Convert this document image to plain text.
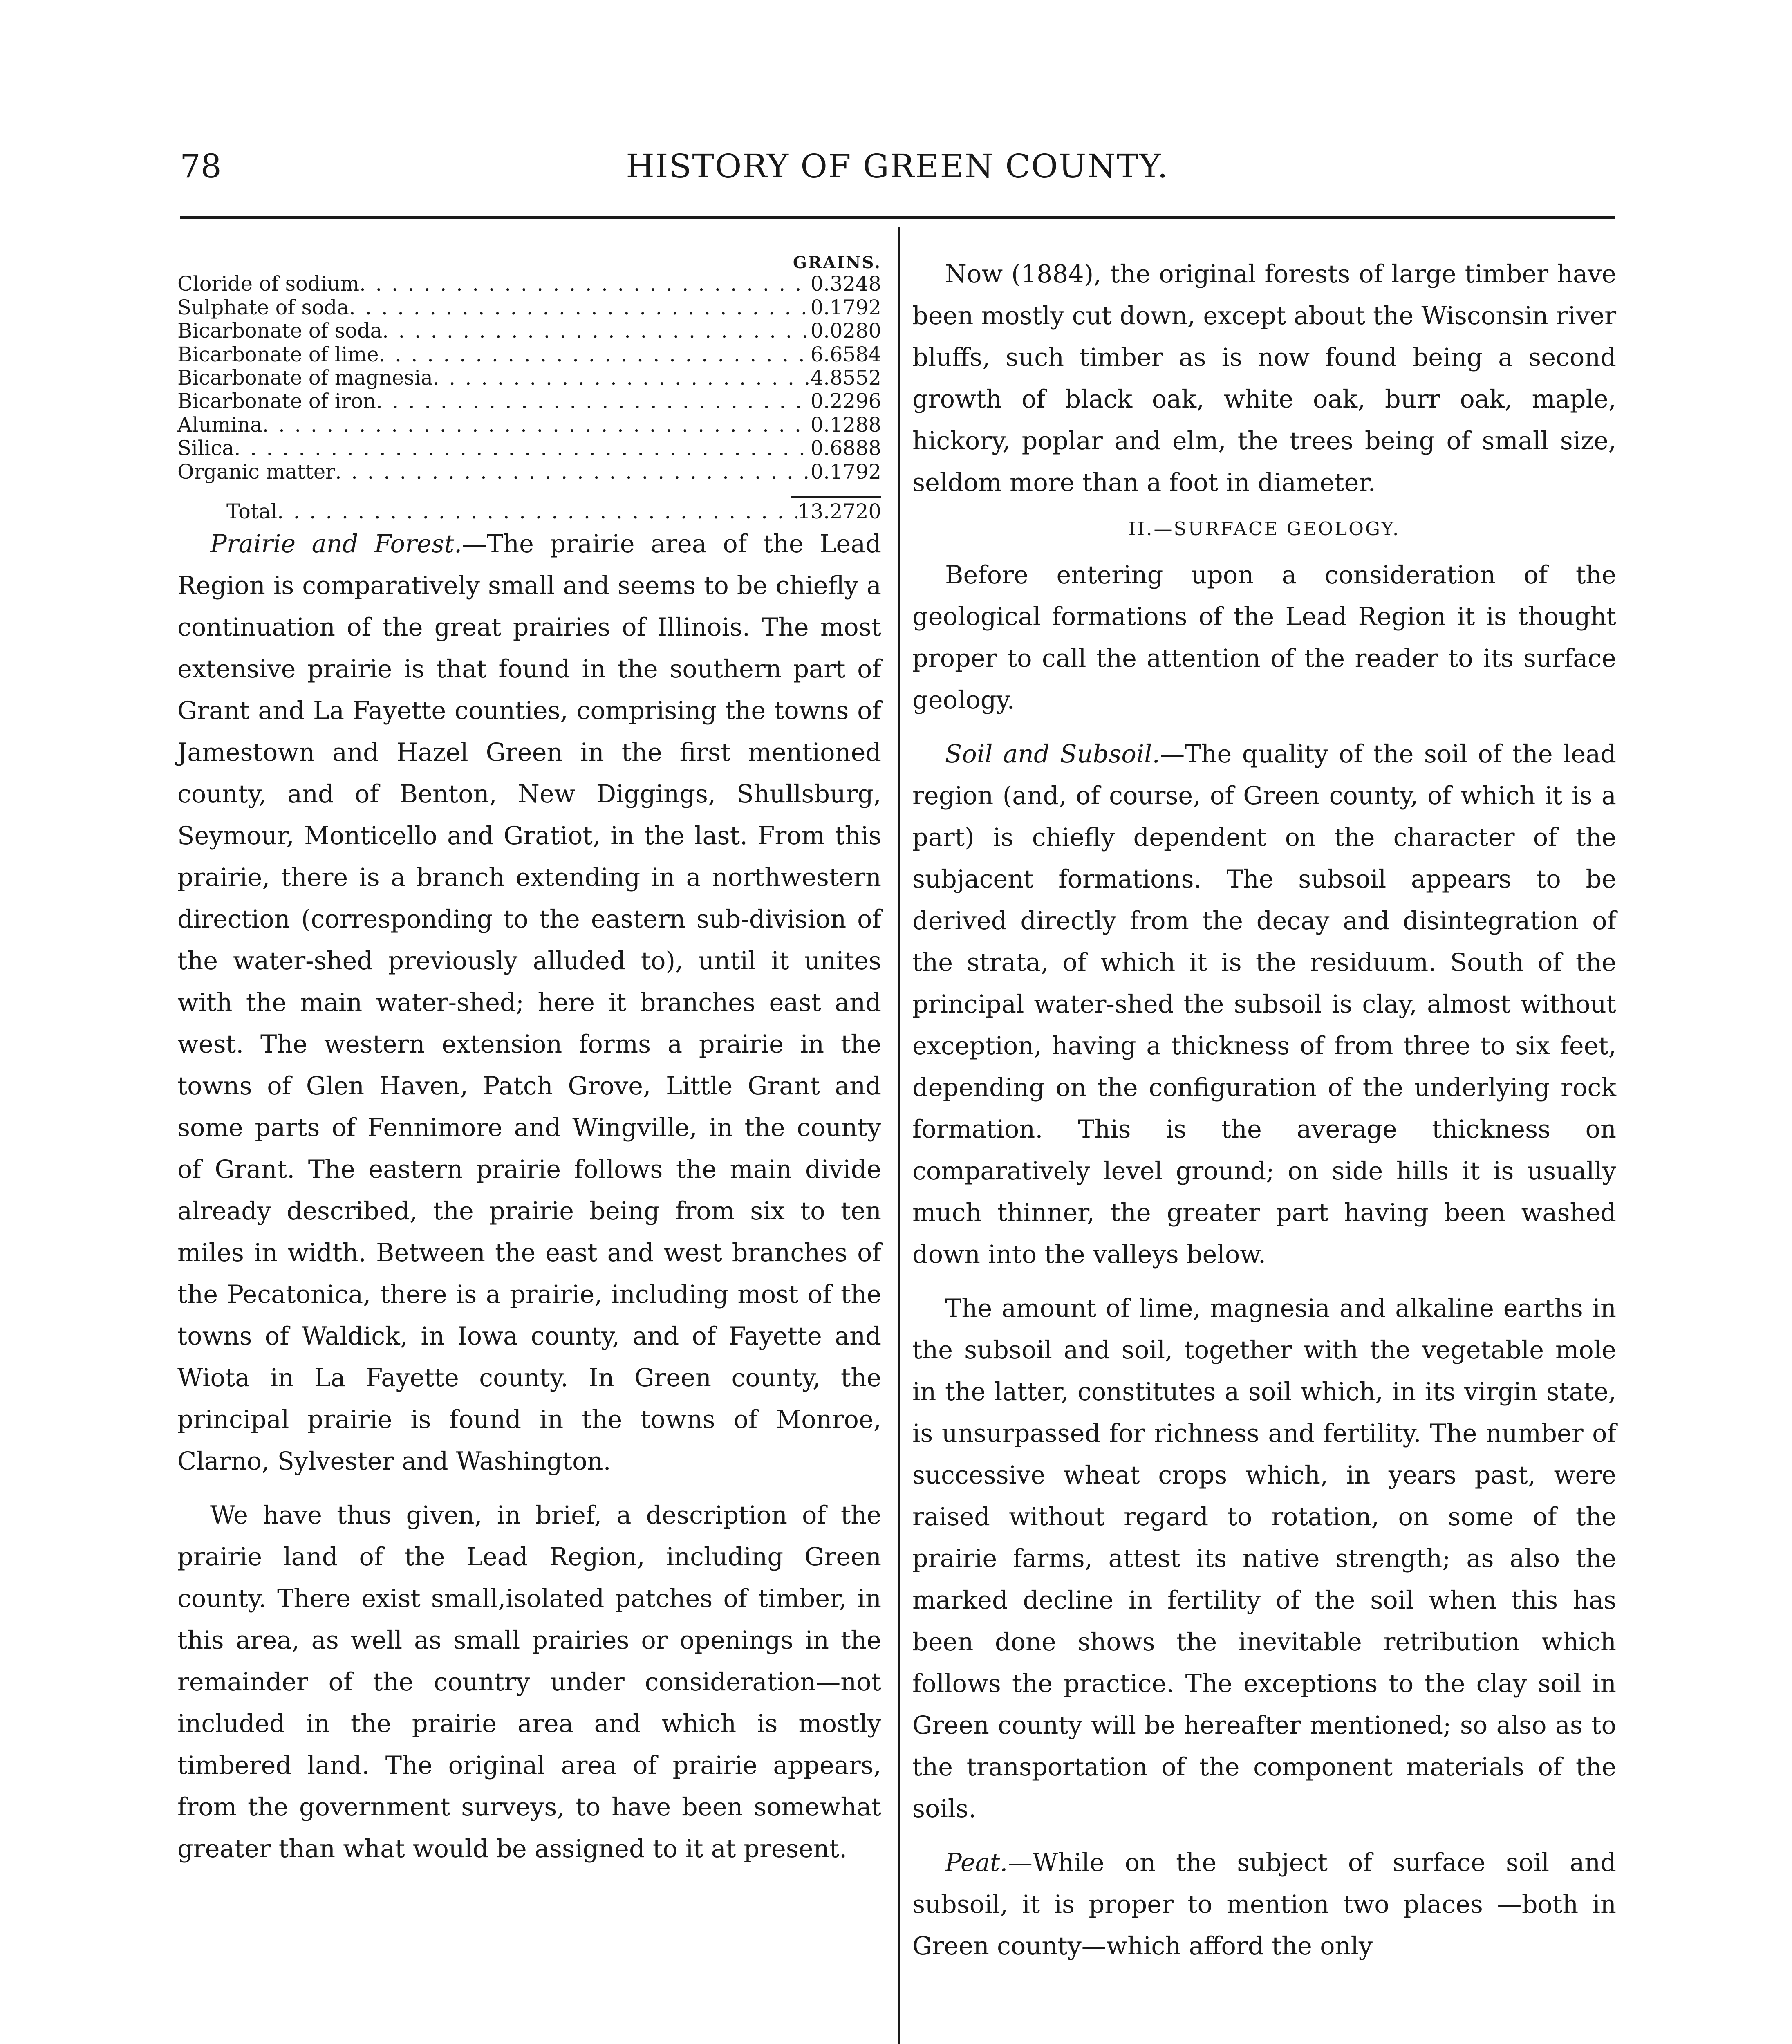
78	HISTORY OF GREEN COUNTY.
GRAINS.
Cloride of sodium . . .	0.3248
Sulphate of soda . . .	0.1792
Bicarbonate of soda . . .	0.0280
Bicarbonate of lime . . .	6.6584
Bicarbonate of magnesia . . .	4.8552
Bicarbonate of iron . . .	0.2296
Alumina . . .	0.1288
Silica . . .	0.6888
Organic matter . . .	0.1792
Total . . .	13.2720

Prairie and Forest.—The prairie area of the Lead Region is comparatively small and seems to be chiefly a continuation of the great prairies of Illinois. The most extensive prairie is that found in the southern part of Grant and La Fayette counties, comprising the towns of Jamestown and Hazel Green in the first mentioned county, and of Benton, New Diggings, Shullsburg, Seymour, Monticello and Gratiot, in the last. From this prairie, there is a branch extending in a northwestern direction (corresponding to the eastern sub-division of the water-shed previously alluded to), until it unites with the main water-shed; here it branches east and west. The western extension forms a prairie in the towns of Glen Haven, Patch Grove, Little Grant and some parts of Fennimore and Wingville, in the county of Grant. The eastern prairie follows the main divide already described, the prairie being from six to ten miles in width. Between the east and west branches of the Pecatonica, there is a prairie, including most of the towns of Waldick, in Iowa county, and of Fayette and Wiota in La Fayette county. In Green county, the principal prairie is found in the towns of Monroe, Clarno, Sylvester and Washington.

We have thus given, in brief, a description of the prairie land of the Lead Region, including Green county. There exist small,isolated patches of timber, in this area, as well as small prairies or openings in the remainder of the country under consideration—not included in the prairie area and which is mostly timbered land. The original area of prairie appears, from the government surveys, to have been somewhat greater than what would be assigned to it at present.

Now (1884), the original forests of large timber have been mostly cut down, except about the Wisconsin river bluffs, such timber as is now found being a second growth of black oak, white oak, burr oak, maple, hickory, poplar and elm, the trees being of small size, seldom more than a foot in diameter.

II.—SURFACE GEOLOGY.

Before entering upon a consideration of the geological formations of the Lead Region it is thought proper to call the attention of the reader to its surface geology.

Soil and Subsoil.—The quality of the soil of the lead region (and, of course, of Green county, of which it is a part) is chiefly dependent on the character of the subjacent formations. The subsoil appears to be derived directly from the decay and disintegration of the strata, of which it is the residuum. South of the principal water-shed the subsoil is clay, almost without exception, having a thickness of from three to six feet, depending on the configuration of the underlying rock formation. This is the average thickness on comparatively level ground; on side hills it is usually much thinner, the greater part having been washed down into the valleys below.

The amount of lime, magnesia and alkaline earths in the subsoil and soil, together with the vegetable mole in the latter, constitutes a soil which, in its virgin state, is unsurpassed for richness and fertility. The number of successive wheat crops which, in years past, were raised without regard to rotation, on some of the prairie farms, attest its native strength; as also the marked decline in fertility of the soil when this has been done shows the inevitable retribution which follows the practice. The exceptions to the clay soil in Green county will be hereafter mentioned; so also as to the transportation of the component materials of the soils.

Peat.—While on the subject of surface soil and subsoil, it is proper to mention two places —both in Green county—which afford the only
